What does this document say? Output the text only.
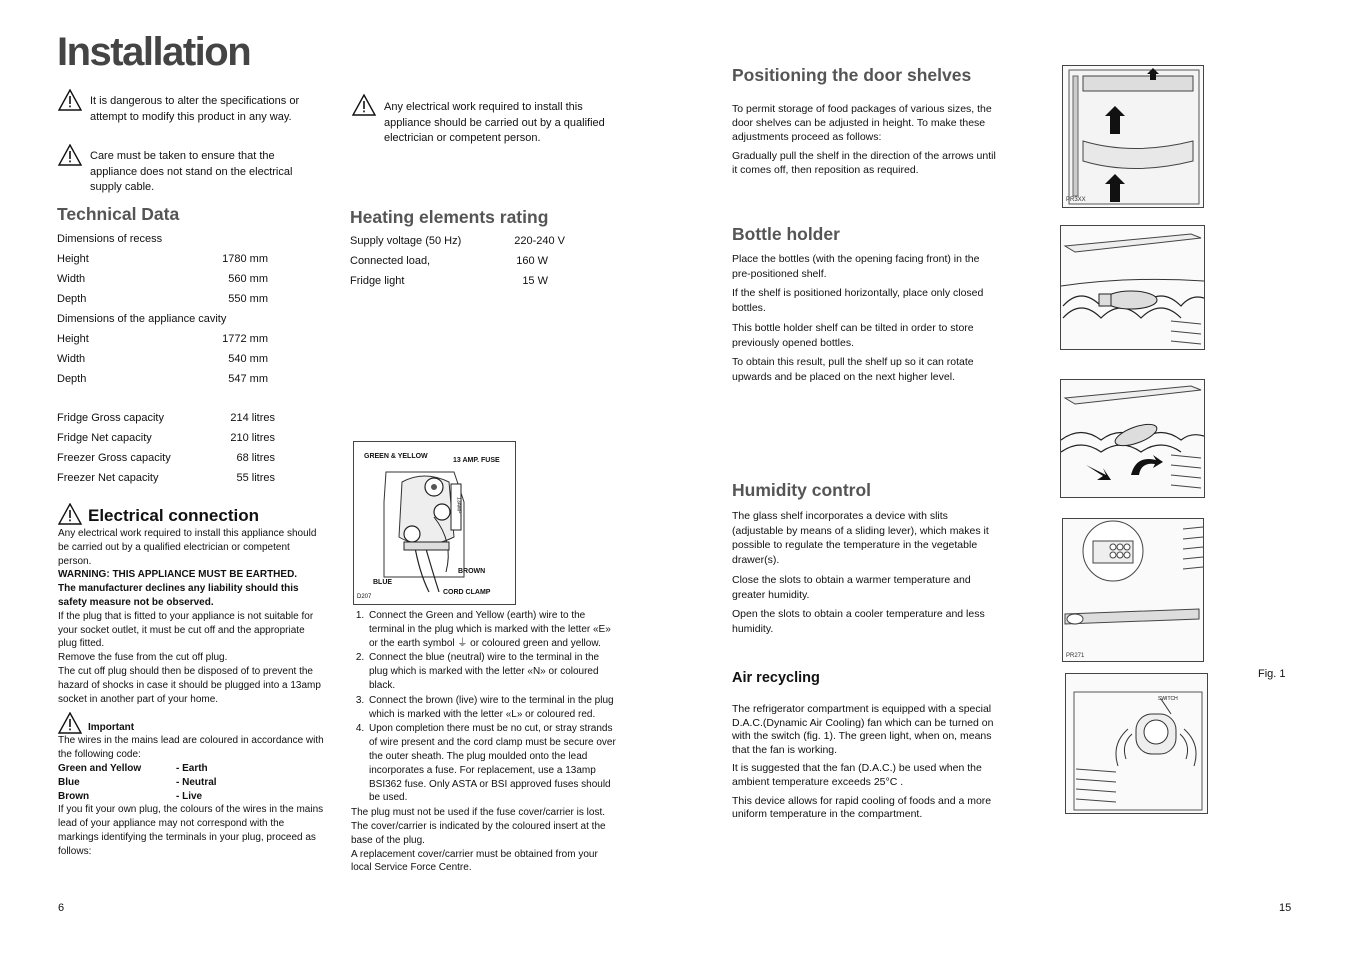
Installation
It is dangerous to alter the specifications or attempt to modify this product in any way.
Care must be taken to ensure that the appliance does not stand on the electrical supply cable.
Technical Data
Dimensions of recess
Height	1780 mm
Width	560 mm
Depth	550 mm
Dimensions of the appliance cavity
Height	1772 mm
Width	540 mm
Depth	547 mm
Fridge Gross capacity	214 litres
Fridge Net capacity	210 litres
Freezer Gross capacity	68 litres
Freezer Net capacity	55 litres
Electrical connection
Any electrical work required to install this appliance should be carried out by a qualified electrician or competent person.
WARNING: THIS APPLIANCE MUST BE EARTHED.
The manufacturer declines any liability should this safety measure not be observed.
If the plug that is fitted to your appliance is not suitable for your socket outlet, it must be cut off and the appropriate plug fitted.
Remove the fuse from the cut off plug.
The cut off plug should then be disposed of to prevent the hazard of shocks in case it should be plugged into a 13amp socket in another part of your home.
Important
The wires in the mains lead are coloured in accordance with the following code:
Green and Yellow	- Earth
Blue	- Neutral
Brown	- Live
If you fit your own plug, the colours of the wires in the mains lead of your appliance may not correspond with the markings identifying the terminals in your plug, proceed as follows:
Any electrical work required to install this appliance should be carried out by a qualified electrician or competent person.
Heating elements rating
Supply voltage (50 Hz)	220-240 V
Connected load,	160 W
Fridge light	15 W
GREEN & YELLOW
13 AMP. FUSE
13AMP
BROWN
BLUE
CORD CLAMP
D207
1. Connect the Green and Yellow (earth) wire to the terminal in the plug which is marked with the letter «E» or the earth symbol ⏚ or coloured green and yellow.
2. Connect the blue (neutral) wire to the terminal in the plug which is marked with the letter «N» or coloured black.
3. Connect the brown (live) wire to the terminal in the plug which is marked with the letter «L» or coloured red.
4. Upon completion there must be no cut, or stray strands of wire present and the cord clamp must be secure over the outer sheath. The plug moulded onto the lead incorporates a fuse. For replacement, use a 13amp BSI362 fuse. Only ASTA or BSI approved fuses should be used.
The plug must not be used if the fuse cover/carrier is lost. The cover/carrier is indicated by the coloured insert at the base of the plug.
A replacement cover/carrier must be obtained from your local Service Force Centre.
6	15
Positioning the door shelves

To permit storage of food packages of various sizes, the door shelves can be adjusted in height. To make these adjustments proceed as follows:

Gradually pull the shelf in the direction of the arrows until it comes off, then reposition as required.

Bottle holder

Place the bottles (with the opening facing front) in the pre-positioned shelf.

If the shelf is positioned horizontally, place only closed bottles.

This bottle holder shelf can be tilted in order to store previously opened bottles.

To obtain this result, pull the shelf up so it can rotate upwards and be placed on the next higher level.

Humidity control

The glass shelf incorporates a device with slits (adjustable by means of a sliding lever), which makes it possible to regulate the temperature in the vegetable drawer(s).

Close the slots to obtain a warmer temperature and greater humidity.

Open the slots to obtain a cooler temperature and less humidity.

Air recycling

The refrigerator compartment is equipped with a special D.A.C.(Dynamic Air Cooling) fan which can be turned on with the switch (fig. 1). The green light, when on, means that the fan is working.

It is suggested that the fan (D.A.C.) be used when the ambient temperature exceeds 25°C .

This device allows for rapid cooling of foods and a more uniform temperature in the compartment.

PR3XX
PR271
SWITCH
Fig. 1
